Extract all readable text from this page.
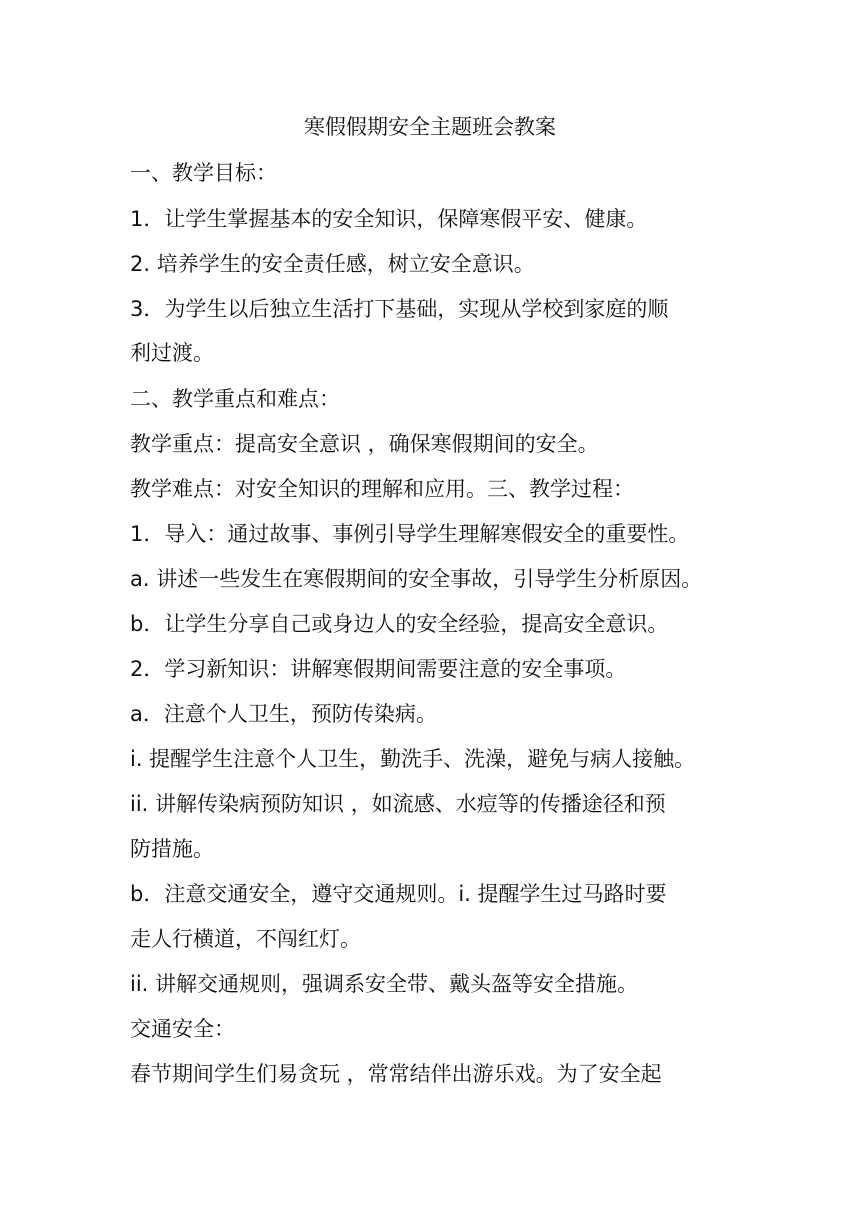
寒假假期安全主题班会教案
一、教学目标：
1．让学生掌握基本的安全知识，保障寒假平安、健康。
2. 培养学生的安全责任感，树立安全意识。
3．为学生以后独立生活打下基础，实现从学校到家庭的顺
利过渡。
二、教学重点和难点：
教学重点：提高安全意识 ，确保寒假期间的安全。
教学难点：对安全知识的理解和应用。三、教学过程：
1．导入：通过故事、事例引导学生理解寒假安全的重要性。
a. 讲述一些发生在寒假期间的安全事故，引导学生分析原因。
b．让学生分享自己或身边人的安全经验，提高安全意识。
2．学习新知识：讲解寒假期间需要注意的安全事项。
a．注意个人卫生，预防传染病。
i. 提醒学生注意个人卫生，勤洗手、洗澡，避免与病人接触。
ii. 讲解传染病预防知识 ，如流感、水痘等的传播途径和预
防措施。
b．注意交通安全，遵守交通规则。i. 提醒学生过马路时要
走人行横道，不闯红灯。
ii. 讲解交通规则，强调系安全带、戴头盔等安全措施。
交通安全：
春节期间学生们易贪玩 ，常常结伴出游乐戏。为了安全起
